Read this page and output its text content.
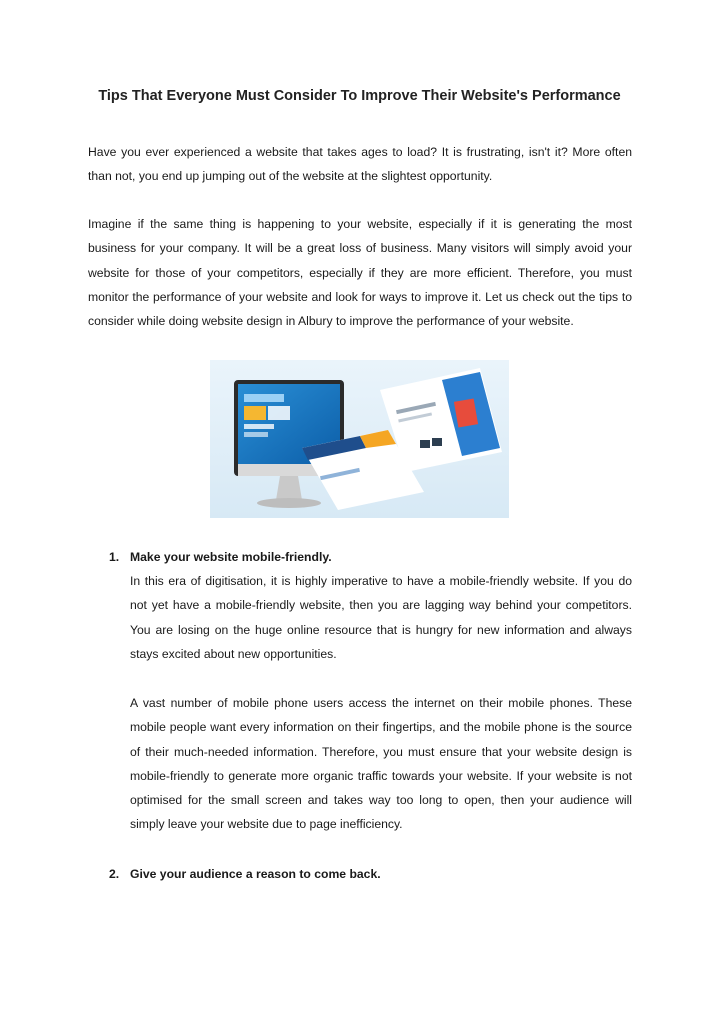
Tips That Everyone Must Consider To Improve Their Website's Performance

Have you ever experienced a website that takes ages to load? It is frustrating, isn't it? More often than not, you end up jumping out of the website at the slightest opportunity.

Imagine if the same thing is happening to your website, especially if it is generating the most business for your company. It will be a great loss of business. Many visitors will simply avoid your website for those of your competitors, especially if they are more efficient. Therefore, you must monitor the performance of your website and look for ways to improve it. Let us check out the tips to consider while doing website design in Albury to improve the performance of your website.

1. Make your website mobile-friendly.

In this era of digitisation, it is highly imperative to have a mobile-friendly website. If you do not yet have a mobile-friendly website, then you are lagging way behind your competitors. You are losing on the huge online resource that is hungry for new information and always stays excited about new opportunities.

A vast number of mobile phone users access the internet on their mobile phones. These mobile people want every information on their fingertips, and the mobile phone is the source of their much-needed information. Therefore, you must ensure that your website design is mobile-friendly to generate more organic traffic towards your website. If your website is not optimised for the small screen and takes way too long to open, then your audience will simply leave your website due to page inefficiency.

2. Give your audience a reason to come back.
